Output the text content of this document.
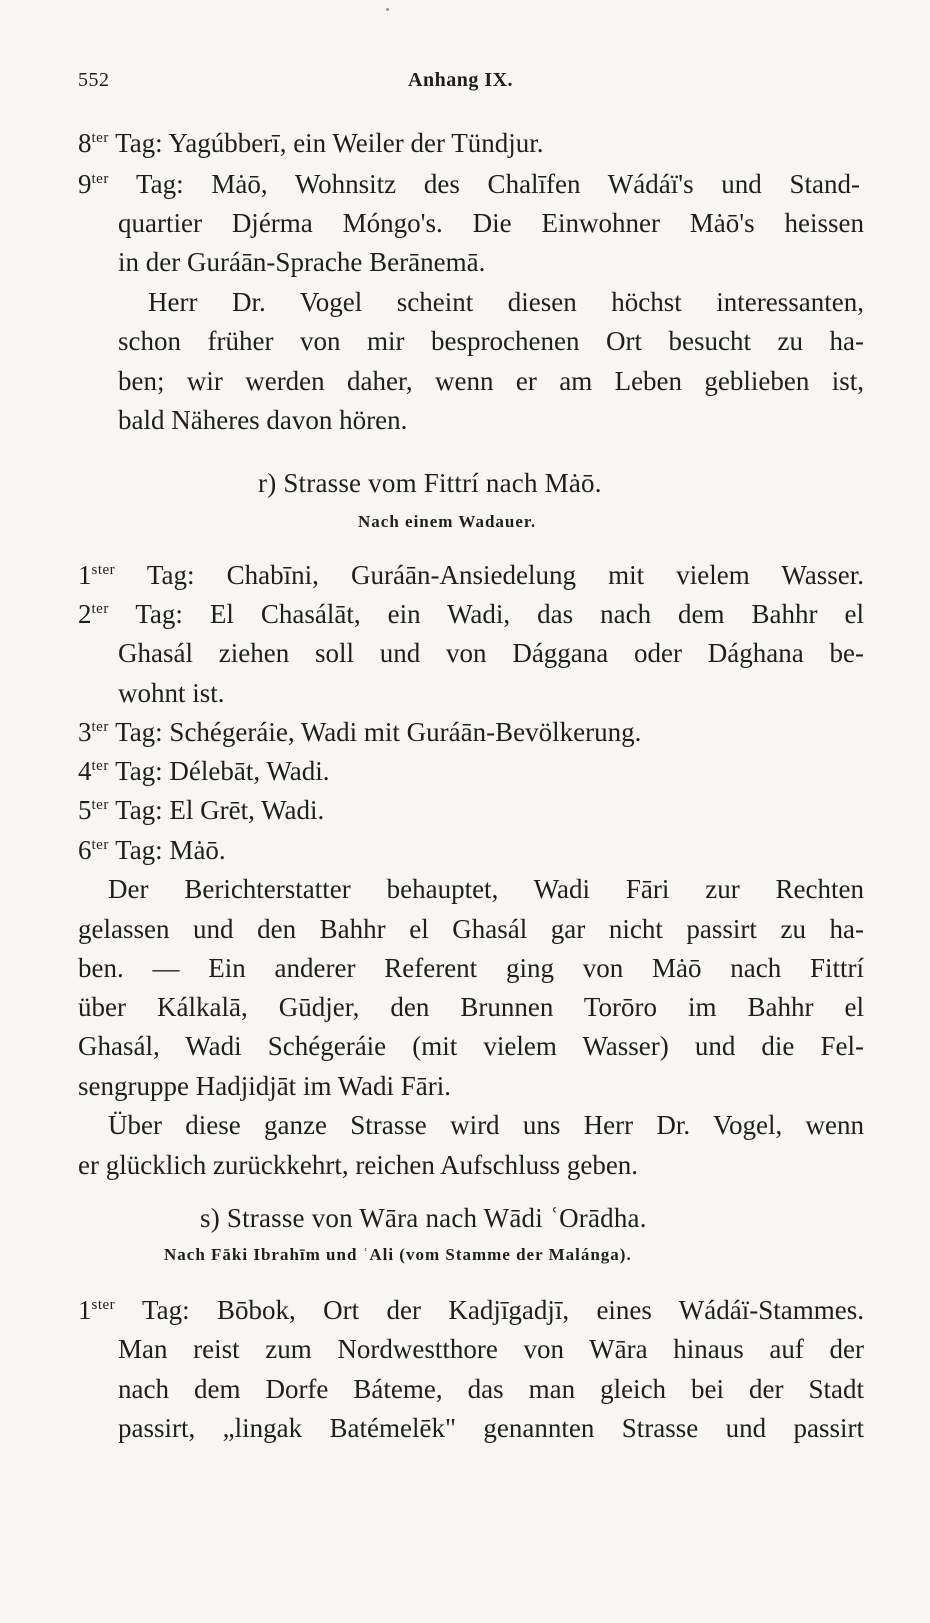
552	Anhang IX.
$8^{ter}$ Tag: Yagúbberī, ein Weiler der Tündjur.
$9^{ter}$ Tag: Mȧō, Wohnsitz des Chalīfen Wádáï's und Stand-
quartier Djérma Móngo's. Die Einwohner Mȧō's heissen
in der Guráān-Sprache Berānemā.
Herr Dr. Vogel scheint diesen höchst interessanten,
schon früher von mir besprochenen Ort besucht zu ha-
ben; wir werden daher, wenn er am Leben geblieben ist,
bald Näheres davon hören.
r) Strasse vom Fittrí nach Mȧō.
Nach einem Wadauer.
$1^{ster}$ Tag: Chabīni, Guráān-Ansiedelung mit vielem Wasser.
$2^{ter}$ Tag: El Chasálāt, ein Wadi, das nach dem Bahhr el
Ghasál ziehen soll und von Dággana oder Dághana be-
wohnt ist.
$3^{ter}$ Tag: Schégeráie, Wadi mit Guráān-Bevölkerung.
$4^{ter}$ Tag: Délebāt, Wadi.
$5^{ter}$ Tag: El Grēt, Wadi.
$6^{ter}$ Tag: Mȧō.
Der Berichterstatter behauptet, Wadi Fāri zur Rechten
gelassen und den Bahhr el Ghasál gar nicht passirt zu ha-
ben. — Ein anderer Referent ging von Mȧō nach Fittrí
über Kálkalā, Gūdjer, den Brunnen Torōro im Bahhr el
Ghasál, Wadi Schégeráie (mit vielem Wasser) und die Fel-
sengruppe Hadjidjāt im Wadi Fāri.
Über diese ganze Strasse wird uns Herr Dr. Vogel, wenn
er glücklich zurückkehrt, reichen Aufschluss geben.
s) Strasse von Wāra nach Wādi ʿOrādha.
Nach Fāki Ibrahīm und ʿAli (vom Stamme der Malánga).
$1^{ster}$ Tag: Bōbok, Ort der Kadjīgadjī, eines Wádáï-Stammes.
Man reist zum Nordwestthore von Wāra hinaus auf der
nach dem Dorfe Báteme, das man gleich bei der Stadt
passirt, „lingak Batémelēk" genannten Strasse und passirt
